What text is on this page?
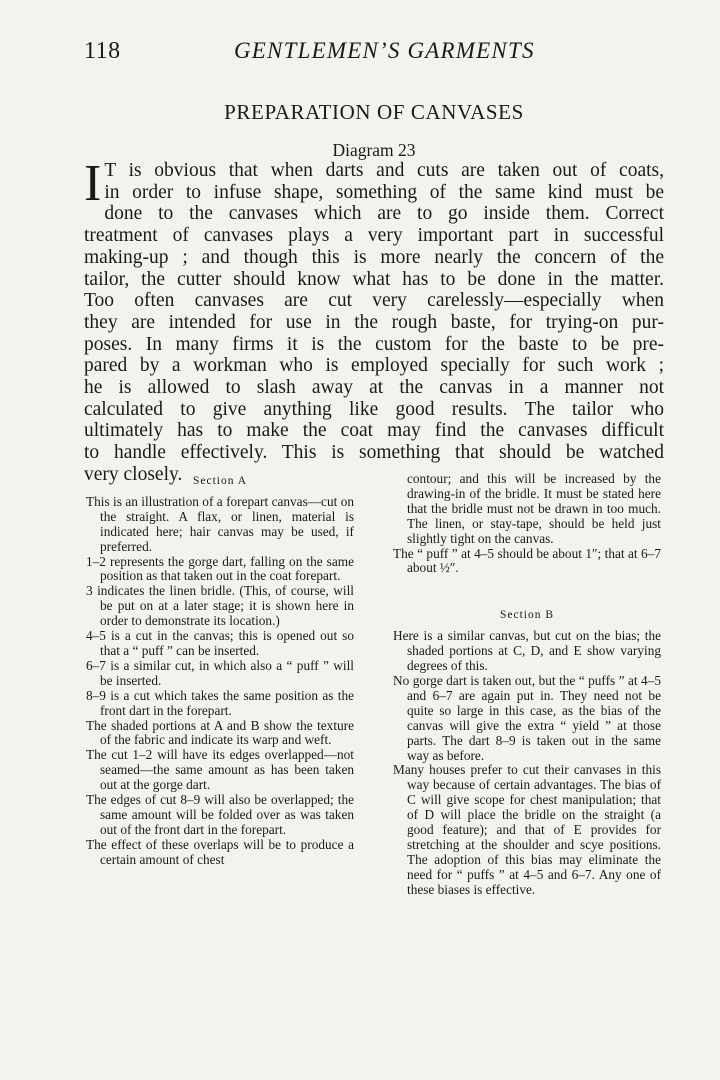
118	GENTLEMEN’S GARMENTS
PREPARATION OF CANVASES
Diagram 23
I T is obvious that when darts and cuts are taken out of coats,
in order to infuse shape, something of the same kind must be
done to the canvases which are to go inside them. Correct
treatment of canvases plays a very important part in successful
making-up ; and though this is more nearly the concern of the
tailor, the cutter should know what has to be done in the matter.
Too often canvases are cut very carelessly—especially when
they are intended for use in the rough baste, for trying-on pur-
poses. In many firms it is the custom for the baste to be pre-
pared by a workman who is employed specially for such work ;
he is allowed to slash away at the canvas in a manner not
calculated to give anything like good results. The tailor who
ultimately has to make the coat may find the canvases difficult
to handle effectively. This is something that should be watched
very closely. Section A

This is an illustration of a forepart canvas—cut on the straight. A flax, or linen, material is indicated here; hair canvas may be used, if preferred.

1–2 represents the gorge dart, falling on the same position as that taken out in the coat forepart.

3 indicates the linen bridle. (This, of course, will be put on at a later stage; it is shown here in order to demonstrate its location.)

4–5 is a cut in the canvas; this is opened out so that a “ puff ” can be inserted.

6–7 is a similar cut, in which also a “ puff ” will be inserted.

8–9 is a cut which takes the same position as the front dart in the forepart.

The shaded portions at A and B show the texture of the fabric and indicate its warp and weft.

The cut 1–2 will have its edges overlapped—not seamed—the same amount as has been taken out at the gorge dart.

The edges of cut 8–9 will also be overlapped; the same amount will be folded over as was taken out of the front dart in the forepart.

The effect of these overlaps will be to produce a certain amount of chest

contour; and this will be increased by the drawing-in of the bridle. It must be stated here that the bridle must not be drawn in too much. The linen, or stay-tape, should be held just slightly tight on the canvas.

The “ puff ” at 4–5 should be about 1″; that at 6–7 about ½″.

Section B

Here is a similar canvas, but cut on the bias; the shaded portions at C, D, and E show varying degrees of this.

No gorge dart is taken out, but the “ puffs ” at 4–5 and 6–7 are again put in. They need not be quite so large in this case, as the bias of the canvas will give the extra “ yield ” at those parts. The dart 8–9 is taken out in the same way as before.

Many houses prefer to cut their canvases in this way because of certain advantages. The bias of C will give scope for chest manipulation; that of D will place the bridle on the straight (a good feature); and that of E provides for stretching at the shoulder and scye positions. The adoption of this bias may eliminate the need for “ puffs ” at 4–5 and 6–7. Any one of these biases is effective.
